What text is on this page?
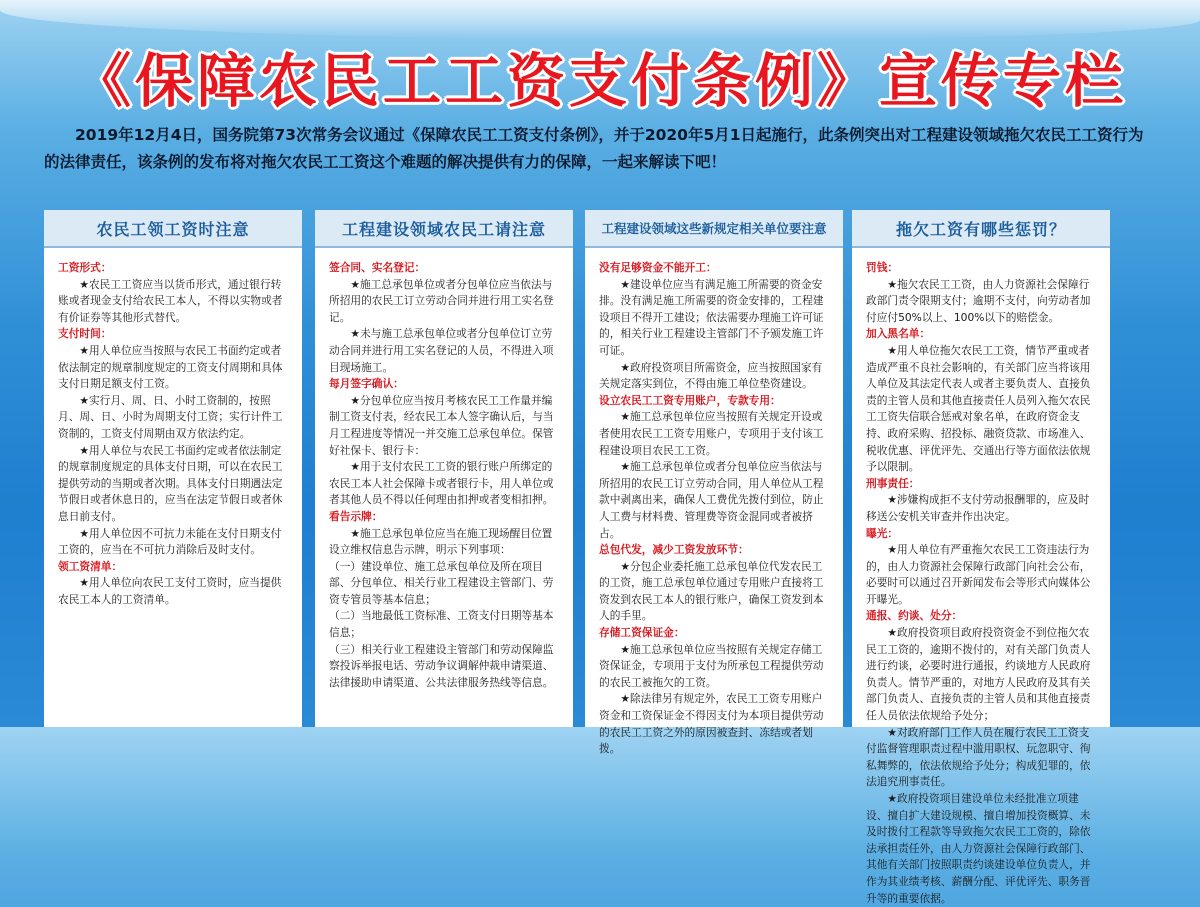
《保障农民工工资支付条例》宣传专栏
2019年12月4日，国务院第73次常务会议通过《保障农民工工资支付条例》，并于2020年5月1日起施行，此条例突出对工程建设领域拖欠农民工工资行为的法律责任，该条例的发布将对拖欠农民工工资这个难题的解决提供有力的保障，一起来解读下吧！
农民工领工资时注意
工资形式：
★农民工工资应当以货币形式，通过银行转账或者现金支付给农民工本人，不得以实物或者有价证券等其他形式替代。
支付时间：
★用人单位应当按照与农民工书面约定或者依法制定的规章制度规定的工资支付周期和具体支付日期足额支付工资。
★实行月、周、日、小时工资制的，按照月、周、日、小时为周期支付工资；实行计件工资制的，工资支付周期由双方依法约定。
★用人单位与农民工书面约定或者依法制定的规章制度规定的具体支付日期，可以在农民工提供劳动的当期或者次期。具体支付日期遇法定节假日或者休息日的，应当在法定节假日或者休息日前支付。
★用人单位因不可抗力未能在支付日期支付工资的，应当在不可抗力消除后及时支付。
领工资清单：
★用人单位向农民工支付工资时，应当提供农民工本人的工资清单。
工程建设领域农民工请注意
签合同、实名登记：
★施工总承包单位或者分包单位应当依法与所招用的农民工订立劳动合同并进行用工实名登记。
★未与施工总承包单位或者分包单位订立劳动合同并进行用工实名登记的人员，不得进入项目现场施工。
每月签字确认：
★分包单位应当按月考核农民工工作量并编制工资支付表，经农民工本人签字确认后，与当月工程进度等情况一并交施工总承包单位。保管好社保卡、银行卡：
★用于支付农民工工资的银行账户所绑定的农民工本人社会保障卡或者银行卡，用人单位或者其他人员不得以任何理由扣押或者变相扣押。
看告示牌：
★施工总承包单位应当在施工现场醒目位置设立维权信息告示牌，明示下列事项：
（一）建设单位、施工总承包单位及所在项目部、分包单位、相关行业工程建设主管部门、劳资专管员等基本信息；
（二）当地最低工资标准、工资支付日期等基本信息；
（三）相关行业工程建设主管部门和劳动保障监察投诉举报电话、劳动争议调解仲裁申请渠道、法律援助申请渠道、公共法律服务热线等信息。
工程建设领域这些新规定相关单位要注意
没有足够资金不能开工：
★建设单位应当有满足施工所需要的资金安排。没有满足施工所需要的资金安排的，工程建设项目不得开工建设；依法需要办理施工许可证的，相关行业工程建设主管部门不予颁发施工许可证。
★政府投资项目所需资金，应当按照国家有关规定落实到位，不得由施工单位垫资建设。
设立农民工工资专用账户，专款专用：
★施工总承包单位应当按照有关规定开设或者使用农民工工资专用账户，专项用于支付该工程建设项目农民工工资。
★施工总承包单位或者分包单位应当依法与所招用的农民工订立劳动合同，用人单位从工程款中剥离出来，确保人工费优先拨付到位，防止人工费与材料费、管理费等资金混同或者被挤占。
总包代发，减少工资发放环节：
★分包企业委托施工总承包单位代发农民工的工资，施工总承包单位通过专用账户直接将工资发到农民工本人的银行账户，确保工资发到本人的手里。
存储工资保证金：
★施工总承包单位应当按照有关规定存储工资保证金，专项用于支付为所承包工程提供劳动的农民工被拖欠的工资。
★除法律另有规定外，农民工工资专用账户资金和工资保证金不得因支付为本项目提供劳动的农民工工资之外的原因被查封、冻结或者划拨。
拖欠工资有哪些惩罚？
罚钱：
★拖欠农民工工资，由人力资源社会保障行政部门责令限期支付；逾期不支付，向劳动者加付应付50%以上、100%以下的赔偿金。
加入黑名单：
★用人单位拖欠农民工工资，情节严重或者造成严重不良社会影响的，有关部门应当将该用人单位及其法定代表人或者主要负责人、直接负责的主管人员和其他直接责任人员列入拖欠农民工工资失信联合惩戒对象名单，在政府资金支持、政府采购、招投标、融资贷款、市场准入、税收优惠、评优评先、交通出行等方面依法依规予以限制。
刑事责任：
★涉嫌构成拒不支付劳动报酬罪的，应及时移送公安机关审查并作出决定。
曝光：
★用人单位有严重拖欠农民工工资违法行为的，由人力资源社会保障行政部门向社会公布，必要时可以通过召开新闻发布会等形式向媒体公开曝光。
通报、约谈、处分：
★政府投资项目政府投资资金不到位拖欠农民工工资的，逾期不拨付的，对有关部门负责人进行约谈，必要时进行通报，约谈地方人民政府负责人。情节严重的，对地方人民政府及其有关部门负责人、直接负责的主管人员和其他直接责任人员依法依规给予处分；
★对政府部门工作人员在履行农民工工资支付监督管理职责过程中滥用职权、玩忽职守、徇私舞弊的，依法依规给予处分；构成犯罪的，依法追究刑事责任。
★政府投资项目建设单位未经批准立项建设、擅自扩大建设规模、擅自增加投资概算、未及时拨付工程款等导致拖欠农民工工资的，除依法承担责任外，由人力资源社会保障行政部门、其他有关部门按照职责约谈建设单位负责人，并作为其业绩考核、薪酬分配、评优评先、职务晋升等的重要依据。
